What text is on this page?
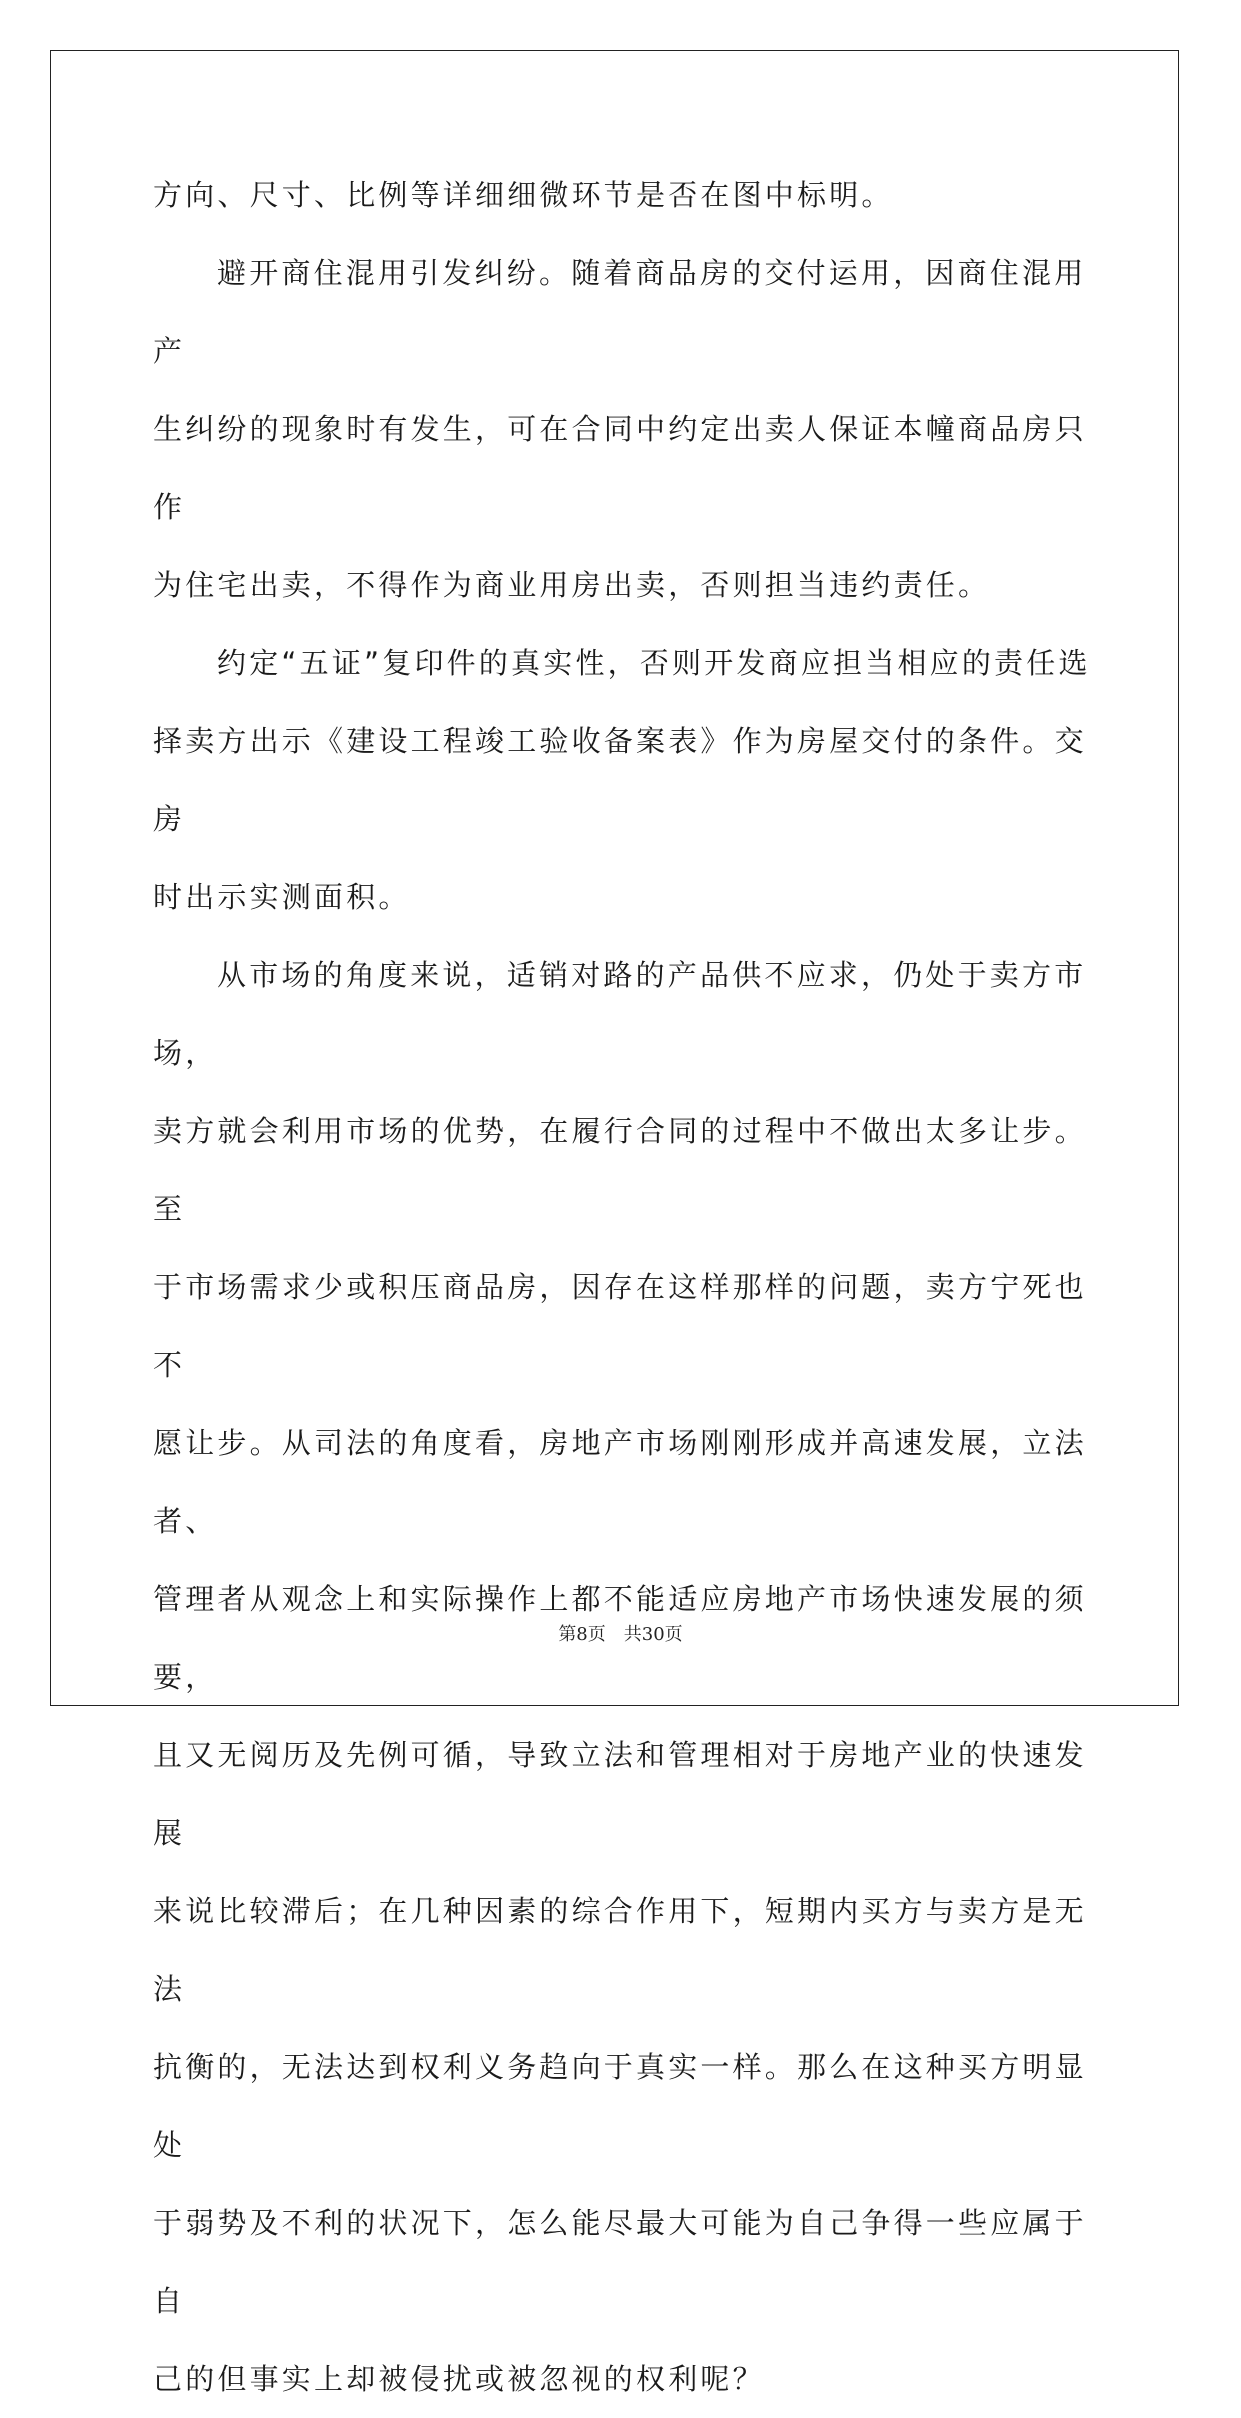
方向、尺寸、比例等详细细微环节是否在图中标明。

避开商住混用引发纠纷。随着商品房的交付运用，因商住混用产
生纠纷的现象时有发生，可在合同中约定出卖人保证本幢商品房只作
为住宅出卖，不得作为商业用房出卖，否则担当违约责任。

约定“五证”复印件的真实性，否则开发商应担当相应的责任选
择卖方出示《建设工程竣工验收备案表》作为房屋交付的条件。交房
时出示实测面积。

从市场的角度来说，适销对路的产品供不应求，仍处于卖方市场，
卖方就会利用市场的优势，在履行合同的过程中不做出太多让步。至
于市场需求少或积压商品房，因存在这样那样的问题，卖方宁死也不
愿让步。从司法的角度看，房地产市场刚刚形成并高速发展，立法者、
管理者从观念上和实际操作上都不能适应房地产市场快速发展的须要，
且又无阅历及先例可循，导致立法和管理相对于房地产业的快速发展
来说比较滞后；在几种因素的综合作用下，短期内买方与卖方是无法
抗衡的，无法达到权利义务趋向于真实一样。那么在这种买方明显处
于弱势及不利的状况下，怎么能尽最大可能为自己争得一些应属于自
己的但事实上却被侵扰或被忽视的权利呢？

第8页 共30页
